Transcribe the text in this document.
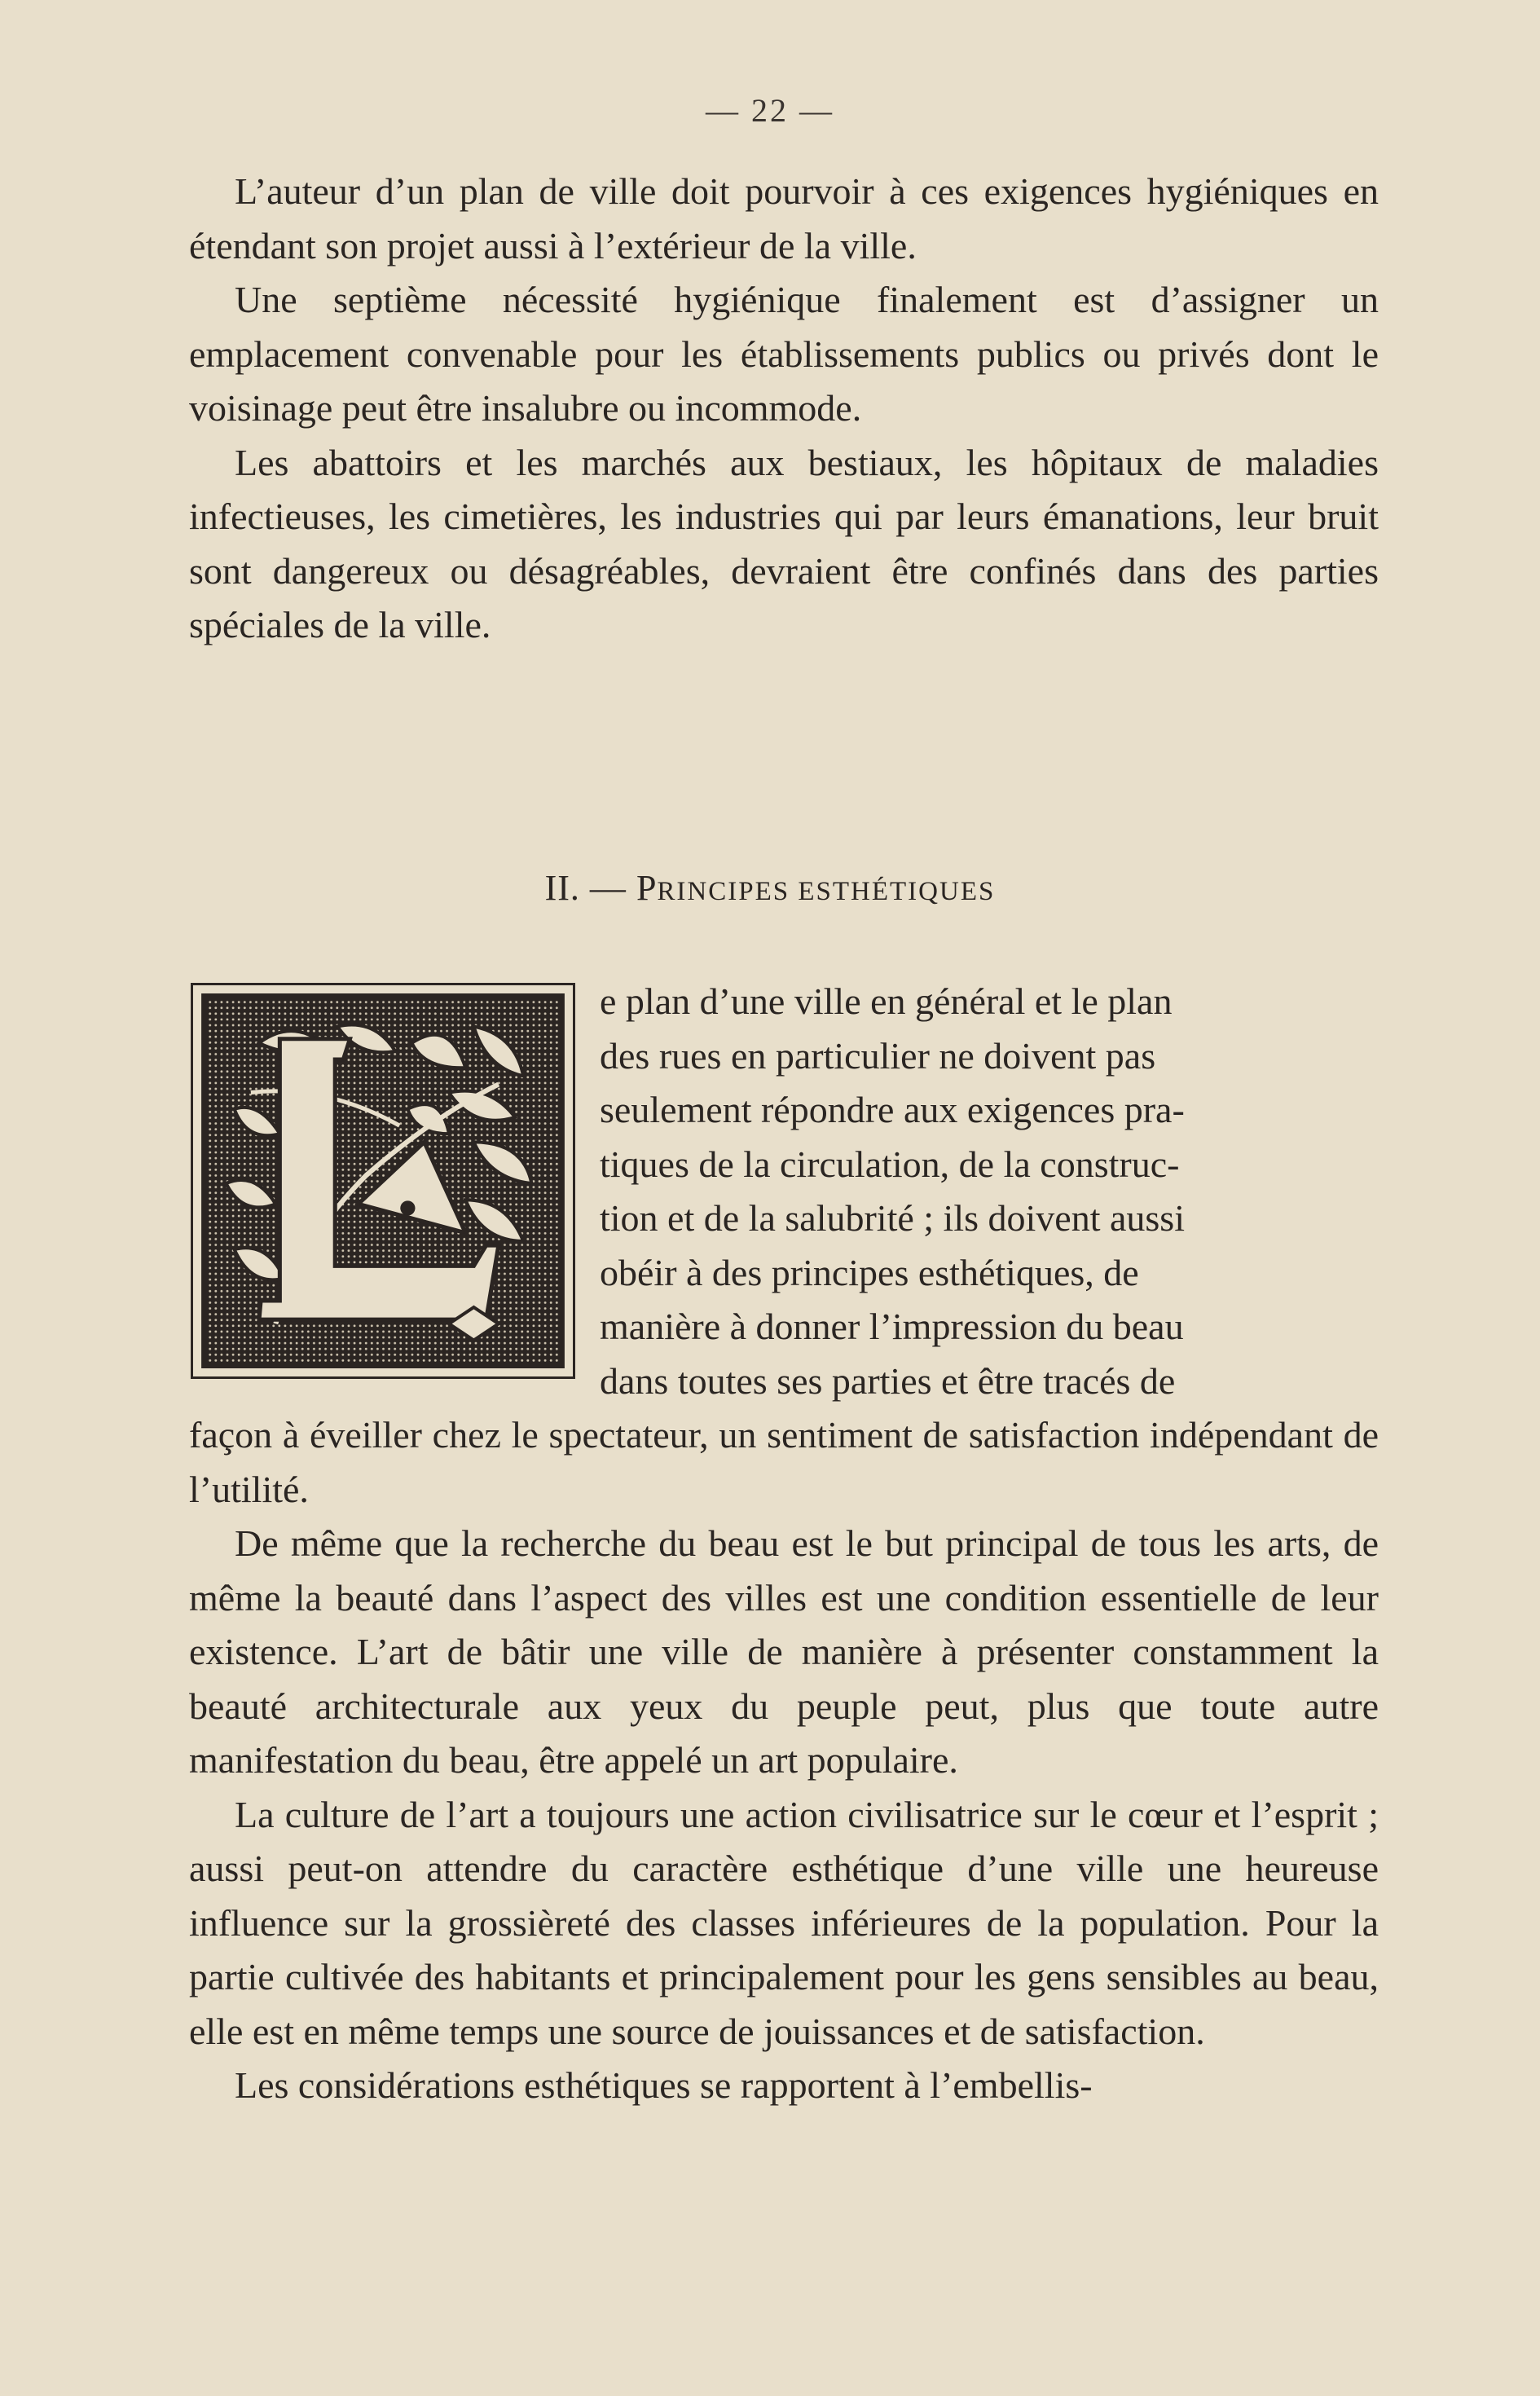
— 22 —

L’auteur d’un plan de ville doit pourvoir à ces exigences hygiéniques en étendant son projet aussi à l’extérieur de la ville.

Une septième nécessité hygiénique finalement est d’assigner un emplacement convenable pour les établissements publics ou privés dont le voisinage peut être insalubre ou incommode.

Les abattoirs et les marchés aux bestiaux, les hôpitaux de maladies infectieuses, les cimetières, les industries qui par leurs émanations, leur bruit sont dangereux ou désagréables, devraient être confinés dans des parties spéciales de la ville.

II. — PRINCIPES ESTHÉTIQUES
e plan d’une ville en général et le plan
des rues en particulier ne doivent pas
seulement répondre aux exigences pra-
tiques de la circulation, de la construc-
tion et de la salubrité ; ils doivent aussi
obéir à des principes esthétiques, de
manière à donner l’impression du beau
dans toutes ses parties et être tracés de

façon à éveiller chez le spectateur, un sentiment de satisfaction indépendant de l’utilité.

De même que la recherche du beau est le but principal de tous les arts, de même la beauté dans l’aspect des villes est une condition essentielle de leur existence. L’art de bâtir une ville de manière à présenter constamment la beauté architecturale aux yeux du peuple peut, plus que toute autre manifestation du beau, être appelé un art populaire.

La culture de l’art a toujours une action civilisatrice sur le cœur et l’esprit ; aussi peut-on attendre du caractère esthétique d’une ville une heureuse influence sur la grossièreté des classes inférieures de la population. Pour la partie cultivée des habitants et principalement pour les gens sensibles au beau, elle est en même temps une source de jouissances et de satisfaction.

Les considérations esthétiques se rapportent à l’embellis-
